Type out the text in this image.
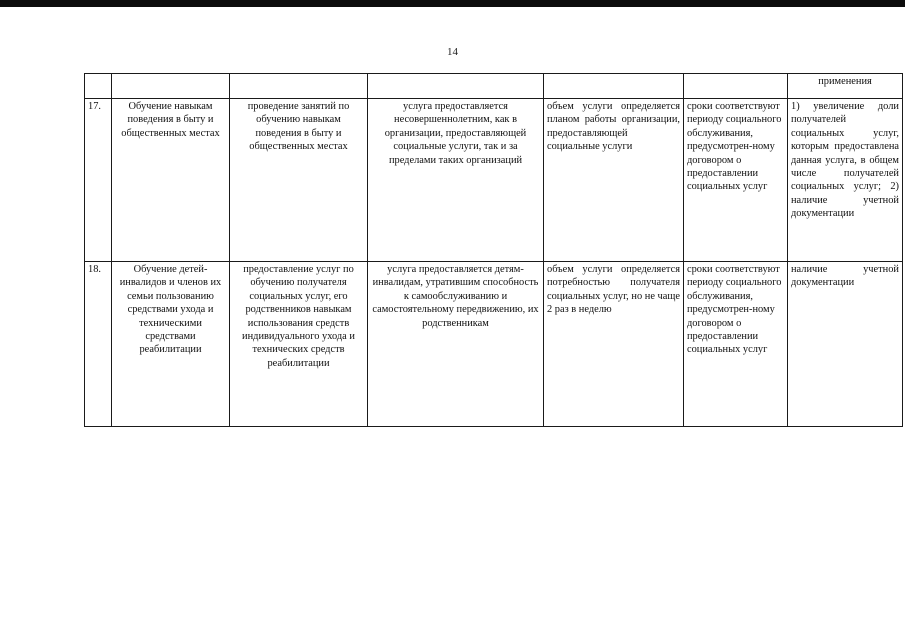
14
						применения
17.	Обучение навыкам поведения в быту и общественных местах	проведение занятий по обучению навыкам поведения в быту и общественных местах	услуга предоставляется несовершеннолетним, как в организации, предоставляющей социальные услуги, так и за пределами таких организаций	объем услуги определяется планом работы организации, предоставляющей социальные услуги	сроки соответствуют периоду социального обслуживания, предусмотрен-ному договором о предоставлении социальных услуг	1) увеличение доли получателей социальных услуг, которым предоставлена данная услуга, в общем числе получателей социальных услуг; 2) наличие учетной документации
18.	Обучение детей-инвалидов и членов их семьи пользованию средствами ухода и техническими средствами реабилитации	предоставление услуг по обучению получателя социальных услуг, его родственников навыкам использования средств индивидуального ухода и технических средств реабилитации	услуга предоставляется детям-инвалидам, утратившим способность к самообслуживанию и самостоятельному передвижению, их родственникам	объем услуги определяется потребностью получателя социальных услуг, но не чаще 2 раз в неделю	сроки соответствуют периоду социального обслуживания, предусмотрен-ному договором о предоставлении социальных услуг	наличие учетной документации
